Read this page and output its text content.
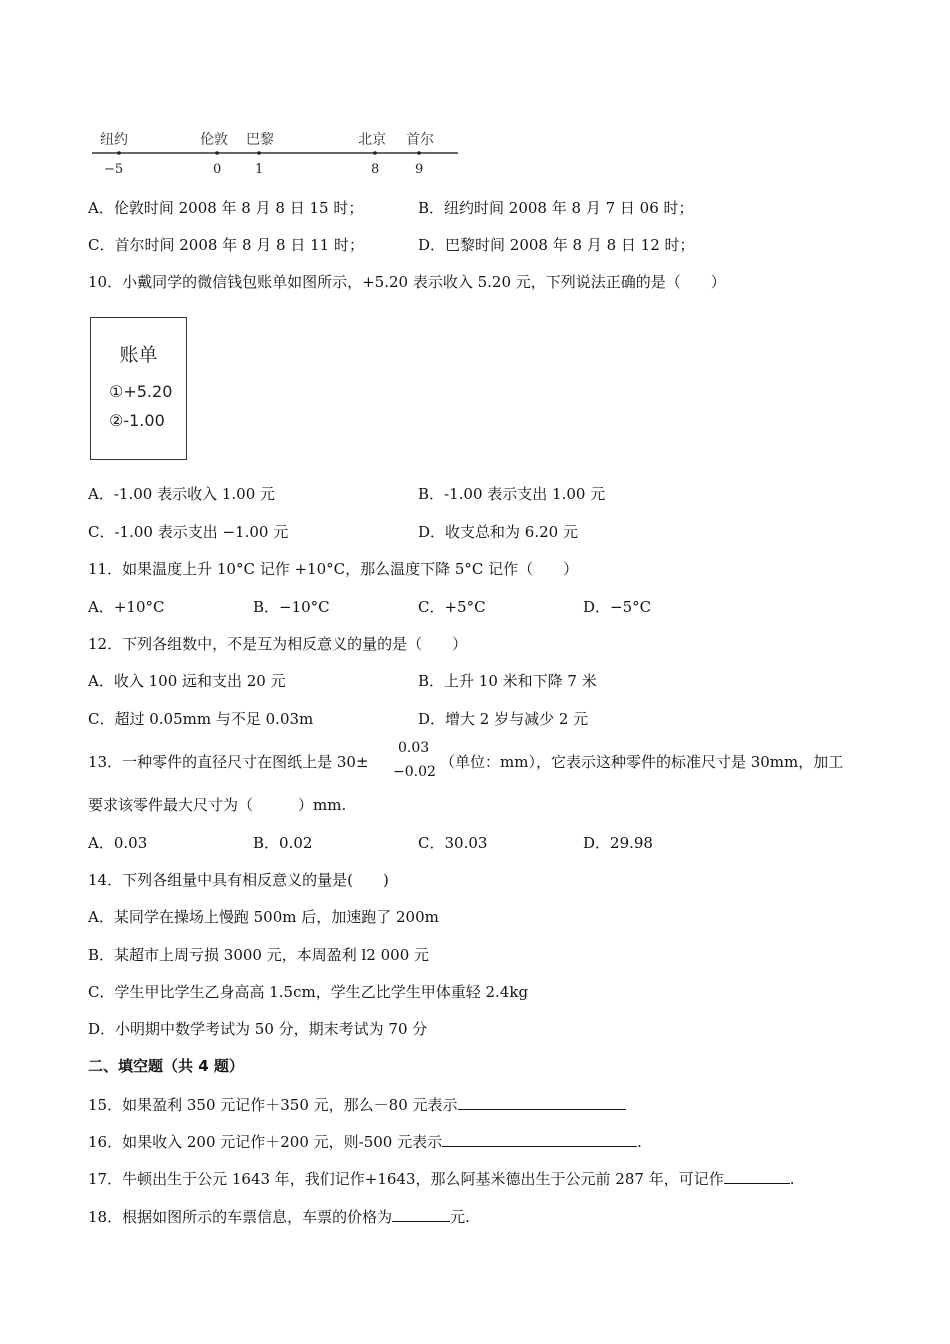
纽约	伦敦 巴黎	北京 首尔
−5	0	1	8	9
A．伦敦时间 2008 年 8 月 8 日 15 时；	B．纽约时间 2008 年 8 月 7 日 06 时；
C．首尔时间 2008 年 8 月 8 日 11 时；	D．巴黎时间 2008 年 8 月 8 日 12 时；
10．小戴同学的微信钱包账单如图所示，+5.20 表示收入 5.20 元，下列说法正确的是（　　）
账单
①+5.20
②-1.00
A．-1.00 表示收入 1.00 元	B．-1.00 表示支出 1.00 元
C．-1.00 表示支出 −1.00 元	D．收支总和为 6.20 元
11．如果温度上升 10°C 记作 +10°C，那么温度下降 5°C 记作（　　）
A．+10°C	B．−10°C	C．+5°C	D．−5°C
12．下列各组数中，不是互为相反意义的量的是（　　）
A．收入 100 远和支出 20 元	B．上升 10 米和下降 7 米
C．超过 0.05mm 与不足 0.03m	D．增大 2 岁与减少 2 元
13．一种零件的直径尺寸在图纸上是 30±
0.03
−0.02
（单位：mm），它表示这种零件的标准尺寸是 30mm，加工
要求该零件最大尺寸为（　　　）mm.
A．0.03	B．0.02	C．30.03	D．29.98
14．下列各组量中具有相反意义的量是(　　)
A．某同学在操场上慢跑 500m 后，加速跑了 200m
B．某超市上周亏损 3000 元，本周盈利 l2 000 元
C．学生甲比学生乙身高高 1.5cm，学生乙比学生甲体重轻 2.4kg
D．小明期中数学考试为 50 分，期末考试为 70 分
二、填空题（共 4 题）
15．如果盈利 350 元记作＋350 元，那么－80 元表示
16．如果收入 200 元记作＋200 元，则-500 元表示	.
17．牛顿出生于公元 1643 年，我们记作+1643，那么阿基米德出生于公元前 287 年，可记作	.
18．根据如图所示的车票信息，车票的价格为	元.
